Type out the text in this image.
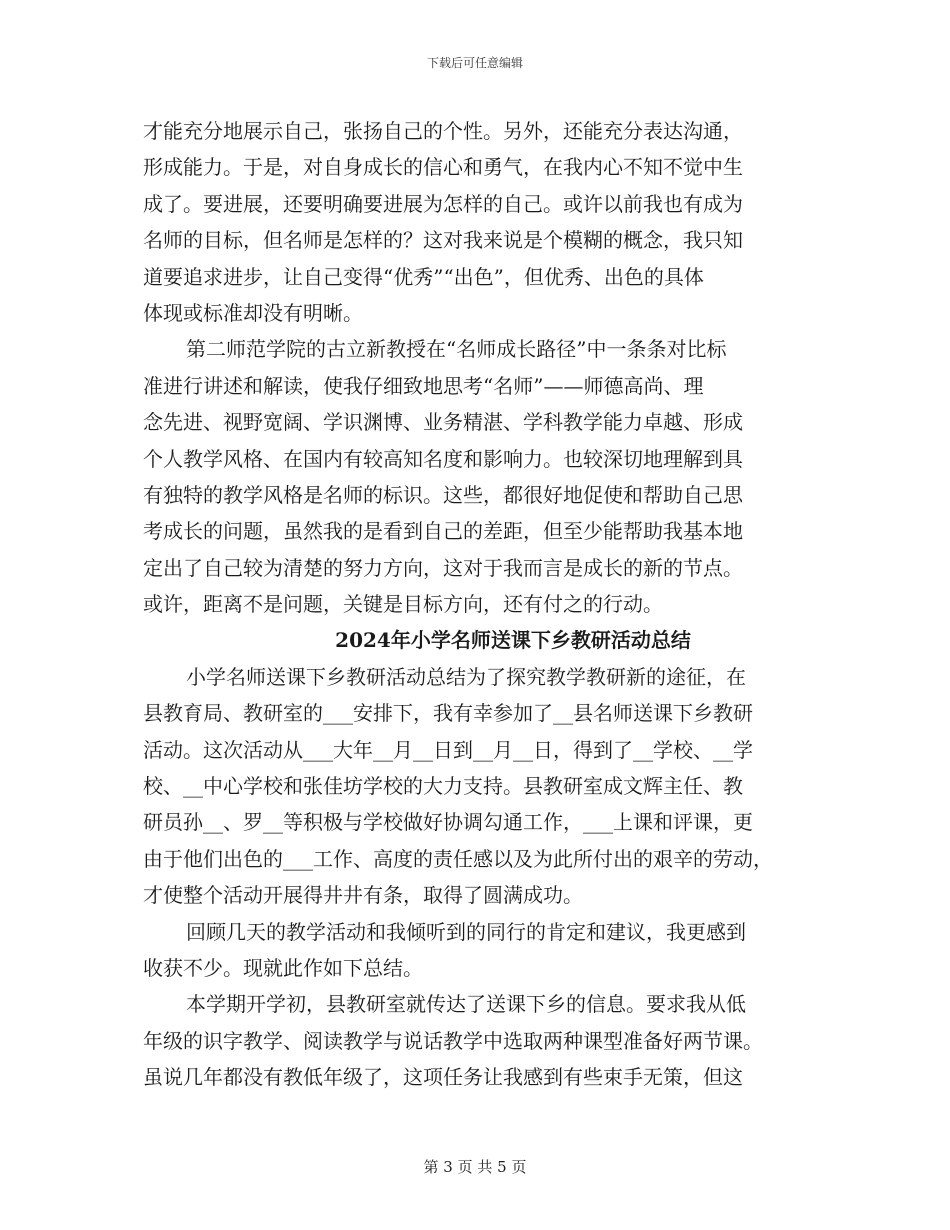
下载后可任意编辑
才能充分地展示自己，张扬自己的个性。另外，还能充分表达沟通，
形成能力。于是，对自身成长的信心和勇气，在我内心不知不觉中生
成了。要进展，还要明确要进展为怎样的自己。或许以前我也有成为
名师的目标，但名师是怎样的？这对我来说是个模糊的概念，我只知
道要追求进步，让自己变得“优秀”“出色”，但优秀、出色的具体
体现或标准却没有明晰。
第二师范学院的古立新教授在“名师成长路径”中一条条对比标
准进行讲述和解读，使我仔细致地思考“名师”——师德高尚、理
念先进、视野宽阔、学识渊博、业务精湛、学科教学能力卓越、形成
个人教学风格、在国内有较高知名度和影响力。也较深切地理解到具
有独特的教学风格是名师的标识。这些，都很好地促使和帮助自己思
考成长的问题，虽然我的是看到自己的差距，但至少能帮助我基本地
定出了自己较为清楚的努力方向，这对于我而言是成长的新的节点。
或许，距离不是问题，关键是目标方向，还有付之的行动。
2024年小学名师送课下乡教研活动总结
小学名师送课下乡教研活动总结为了探究教学教研新的途征，在
县教育局、教研室的___安排下，我有幸参加了__县名师送课下乡教研
活动。这次活动从___大年__月__日到__月__日，得到了__学校、__学
校、__中心学校和张佳坊学校的大力支持。县教研室成文辉主任、教
研员孙__、罗__等积极与学校做好协调勾通工作，___上课和评课，更
由于他们出色的___工作、高度的责任感以及为此所付出的艰辛的劳动，
才使整个活动开展得井井有条，取得了圆满成功。
回顾几天的教学活动和我倾听到的同行的肯定和建议，我更感到
收获不少。现就此作如下总结。
本学期开学初，县教研室就传达了送课下乡的信息。要求我从低
年级的识字教学、阅读教学与说话教学中选取两种课型准备好两节课。
虽说几年都没有教低年级了，这项任务让我感到有些束手无策，但这
第 3 页 共 5 页
